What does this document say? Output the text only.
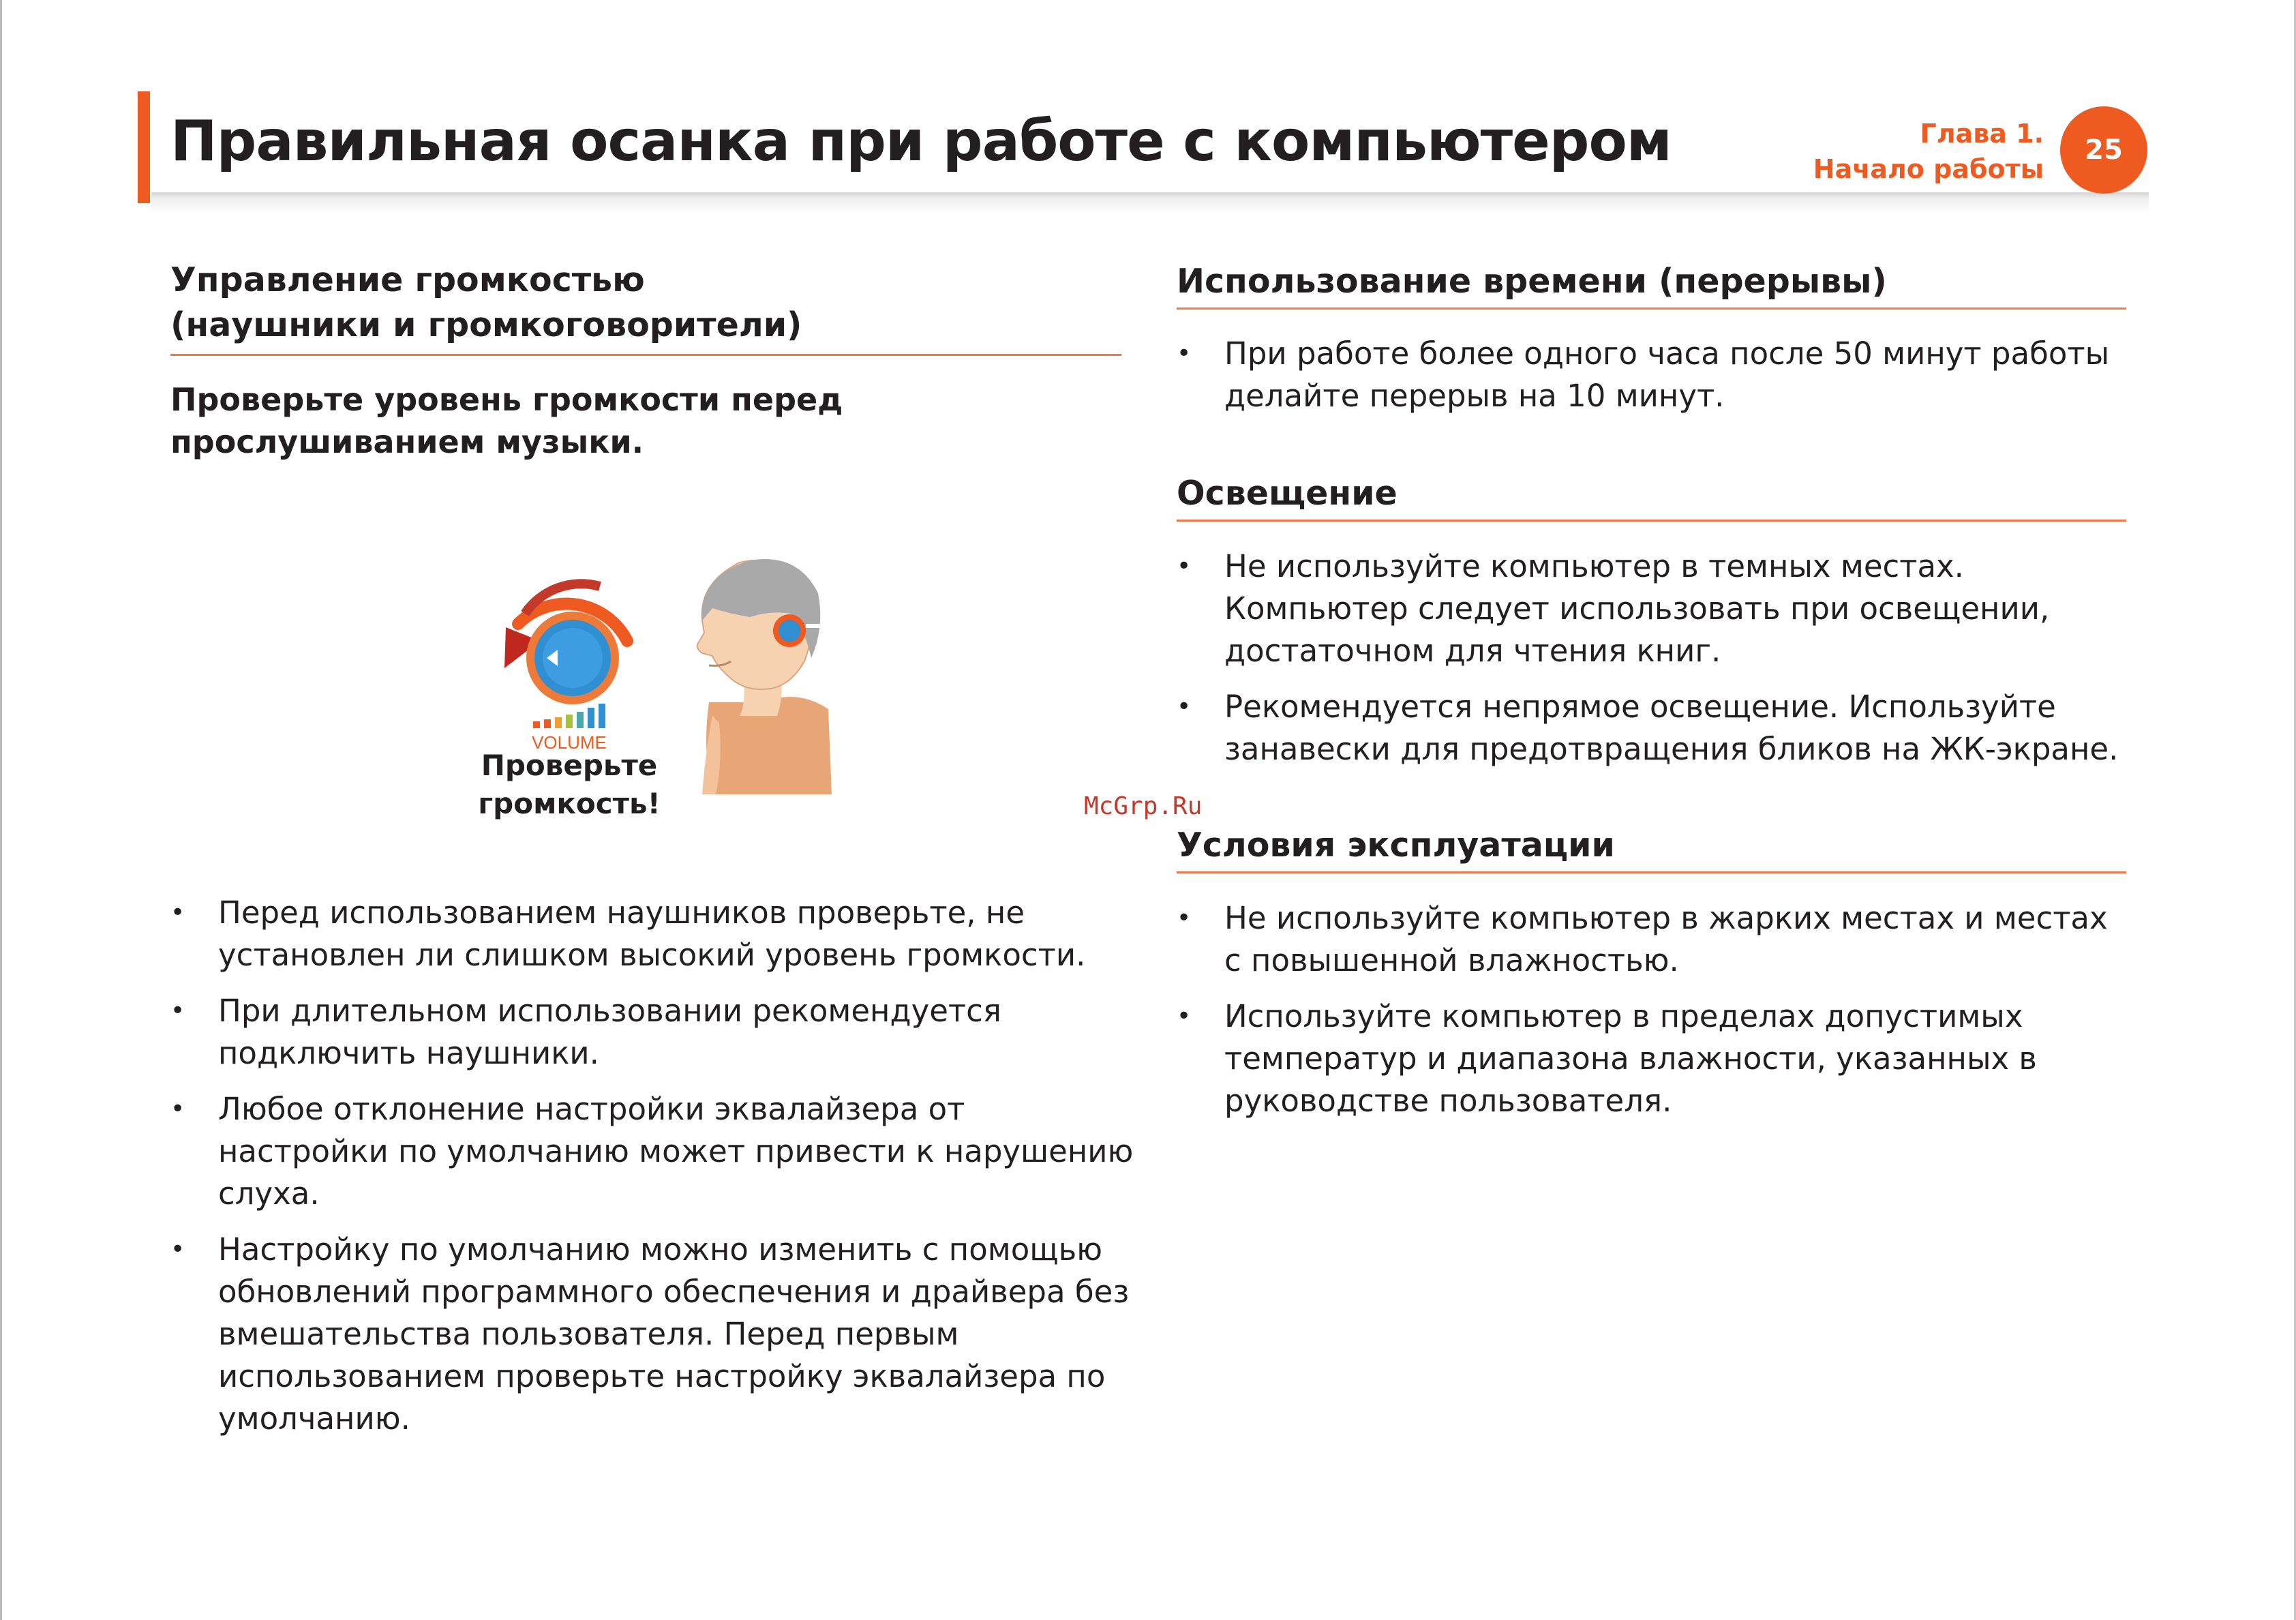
Правильная осанка при работе с компьютером	Глава 1.
Начало работы
25
Управление громкостью
(наушники и громкоговорители)
Проверьте уровень громкости перед прослушиванием музыки.
VOLUME
Проверьте
громкость!
• Перед использованием наушников проверьте, не установлен ли слишком высокий уровень громкости.
• При длительном использовании рекомендуется подключить наушники.
• Любое отклонение настройки эквалайзера от настройки по умолчанию может привести к нарушению слуха.
• Настройку по умолчанию можно изменить с помощью обновлений программного обеспечения и драйвера без вмешательства пользователя. Перед первым использованием проверьте настройку эквалайзера по умолчанию.
Использование времени (перерывы)
• При работе более одного часа после 50 минут работы делайте перерыв на 10 минут.
Освещение
• Не используйте компьютер в темных местах. Компьютер следует использовать при освещении, достаточном для чтения книг.
• Рекомендуется непрямое освещение. Используйте занавески для предотвращения бликов на ЖК-экране.
McGrp.Ru
Условия эксплуатации
• Не используйте компьютер в жарких местах и местах с повышенной влажностью.
• Используйте компьютер в пределах допустимых температур и диапазона влажности, указанных в руководстве пользователя.
